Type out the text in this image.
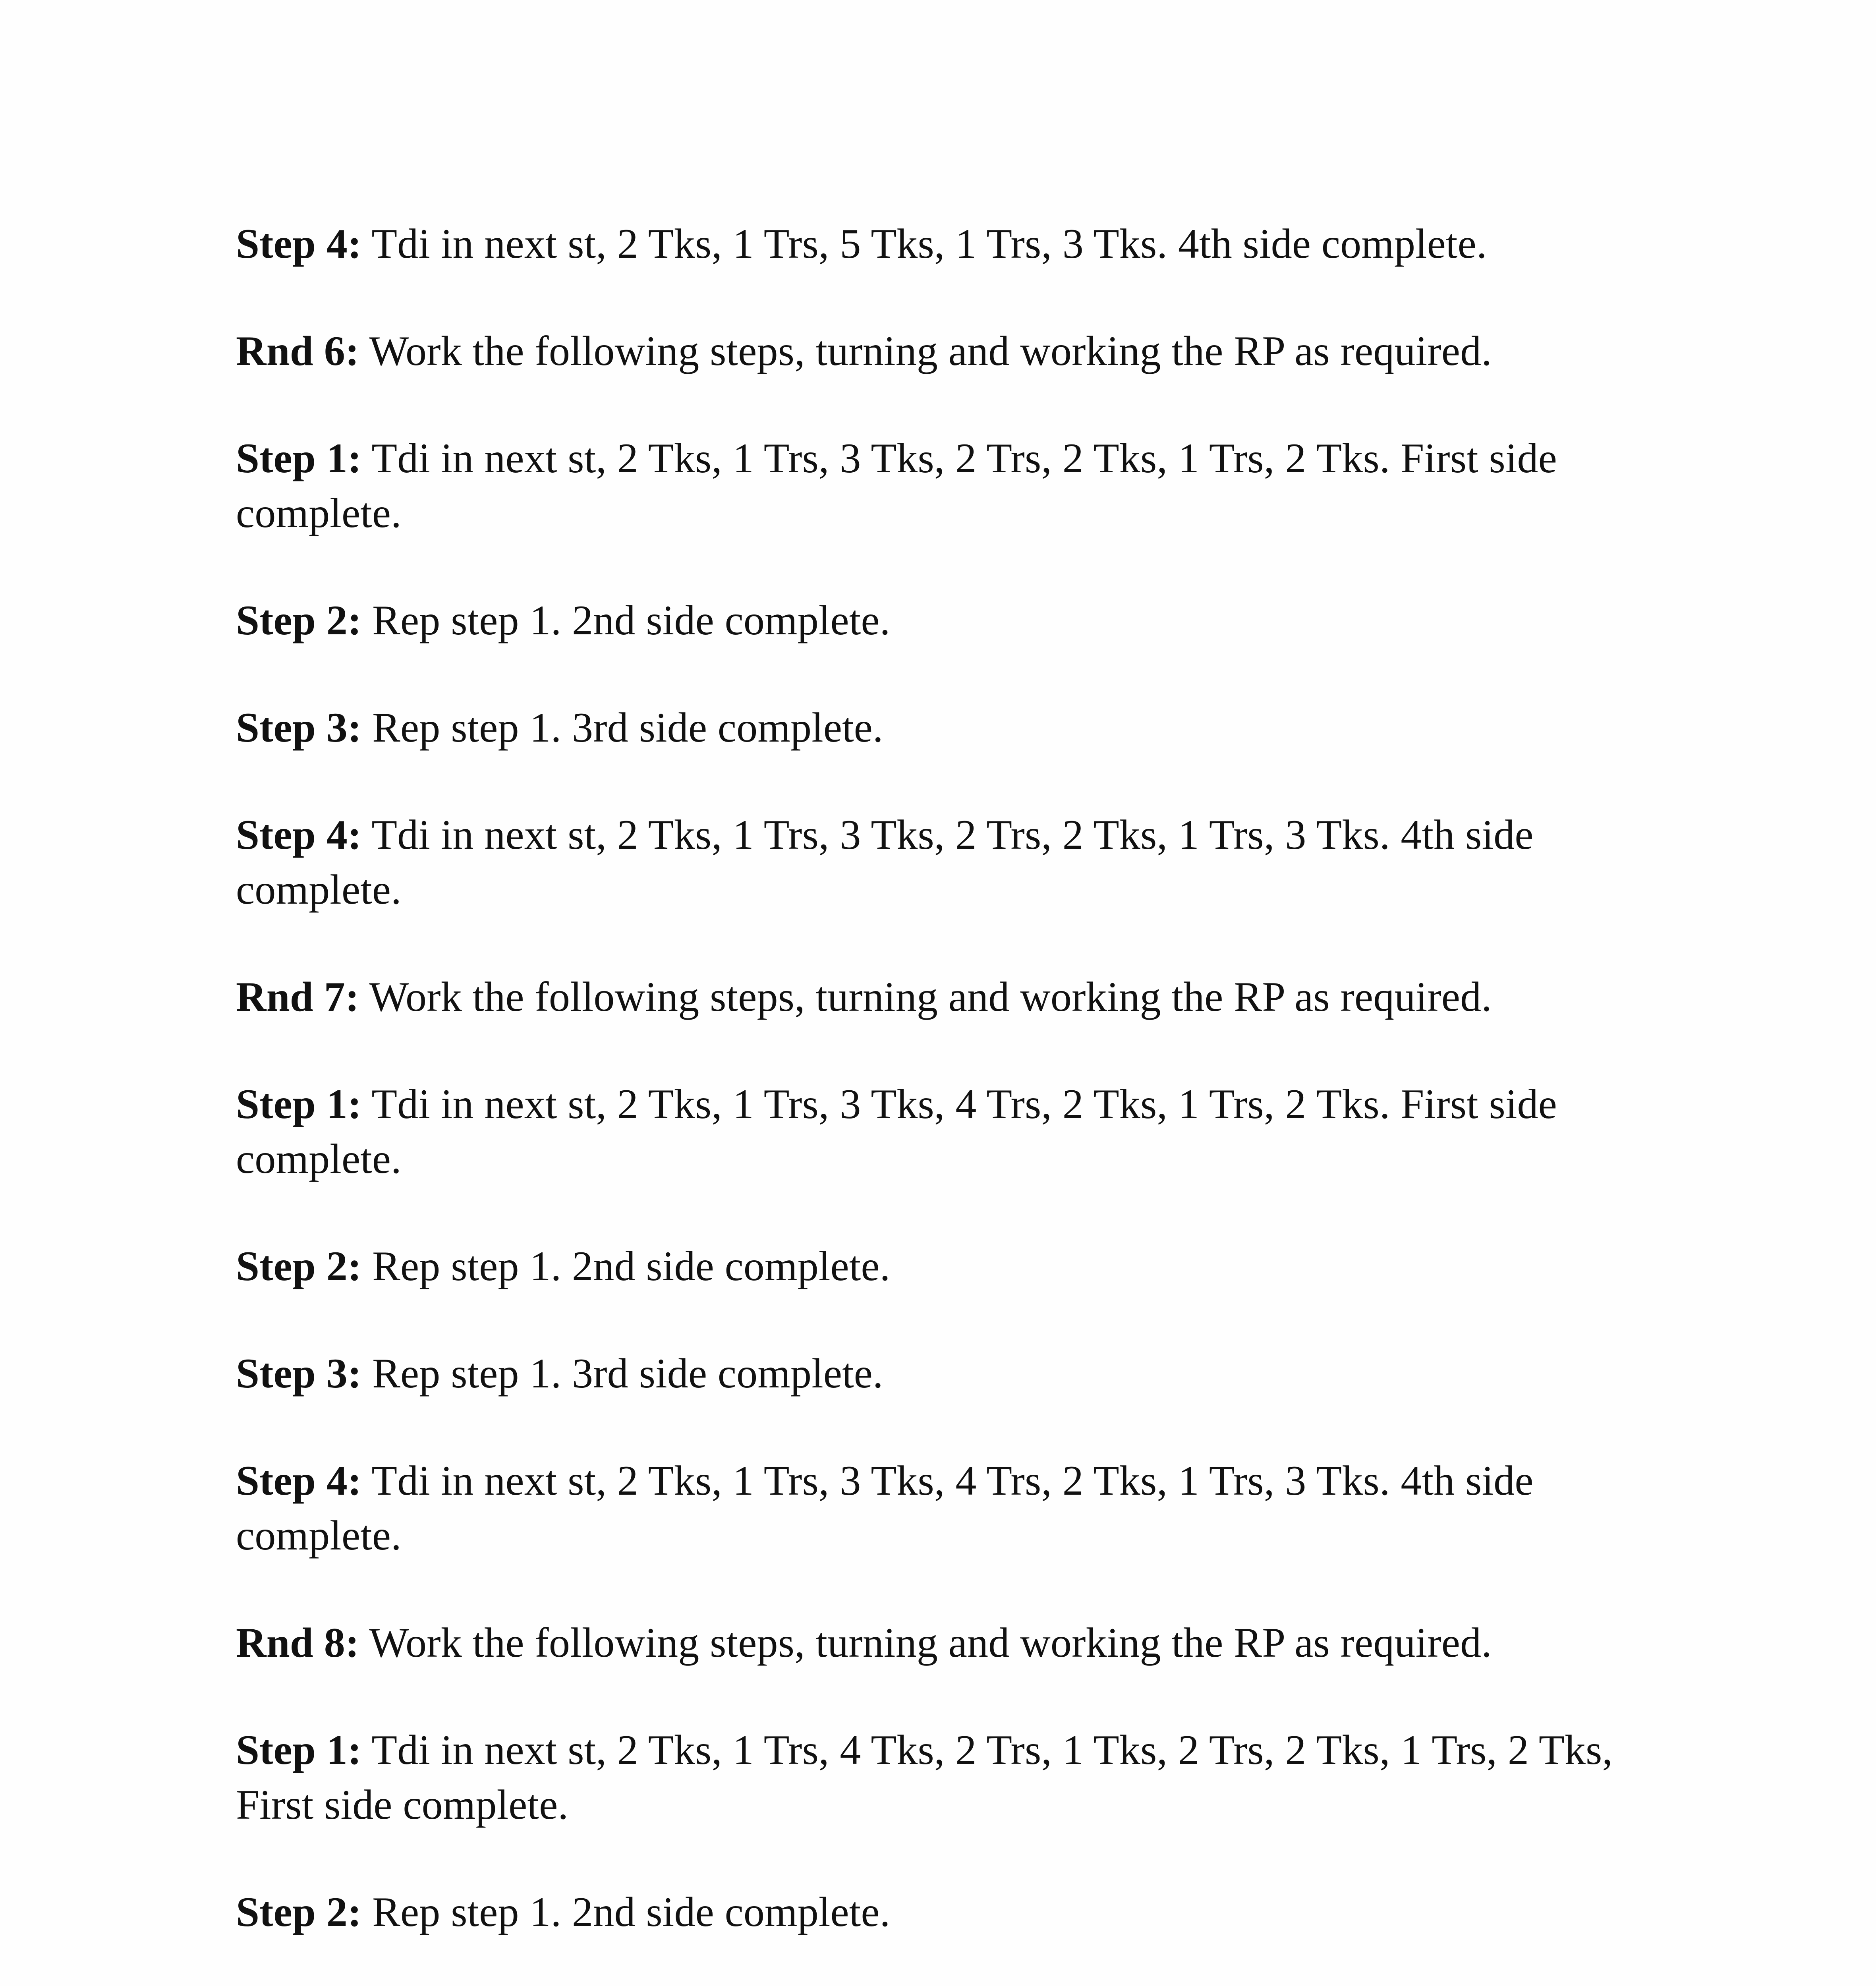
Step 4: Tdi in next st, 2 Tks, 1 Trs, 5 Tks, 1 Trs, 3 Tks. 4th side complete.

Rnd 6: Work the following steps, turning and working the RP as required.

Step 1: Tdi in next st, 2 Tks, 1 Trs, 3 Tks, 2 Trs, 2 Tks, 1 Trs, 2 Tks. First side complete.

Step 2: Rep step 1. 2nd side complete.

Step 3: Rep step 1. 3rd side complete.

Step 4: Tdi in next st, 2 Tks, 1 Trs, 3 Tks, 2 Trs, 2 Tks, 1 Trs, 3 Tks. 4th side complete.

Rnd 7: Work the following steps, turning and working the RP as required.

Step 1: Tdi in next st, 2 Tks, 1 Trs, 3 Tks, 4 Trs, 2 Tks, 1 Trs, 2 Tks. First side complete.

Step 2: Rep step 1. 2nd side complete.

Step 3: Rep step 1. 3rd side complete.

Step 4: Tdi in next st, 2 Tks, 1 Trs, 3 Tks, 4 Trs, 2 Tks, 1 Trs, 3 Tks. 4th side complete.

Rnd 8: Work the following steps, turning and working the RP as required.

Step 1: Tdi in next st, 2 Tks, 1 Trs, 4 Tks, 2 Trs, 1 Tks, 2 Trs, 2 Tks, 1 Trs, 2 Tks, First side complete.

Step 2: Rep step 1. 2nd side complete.
